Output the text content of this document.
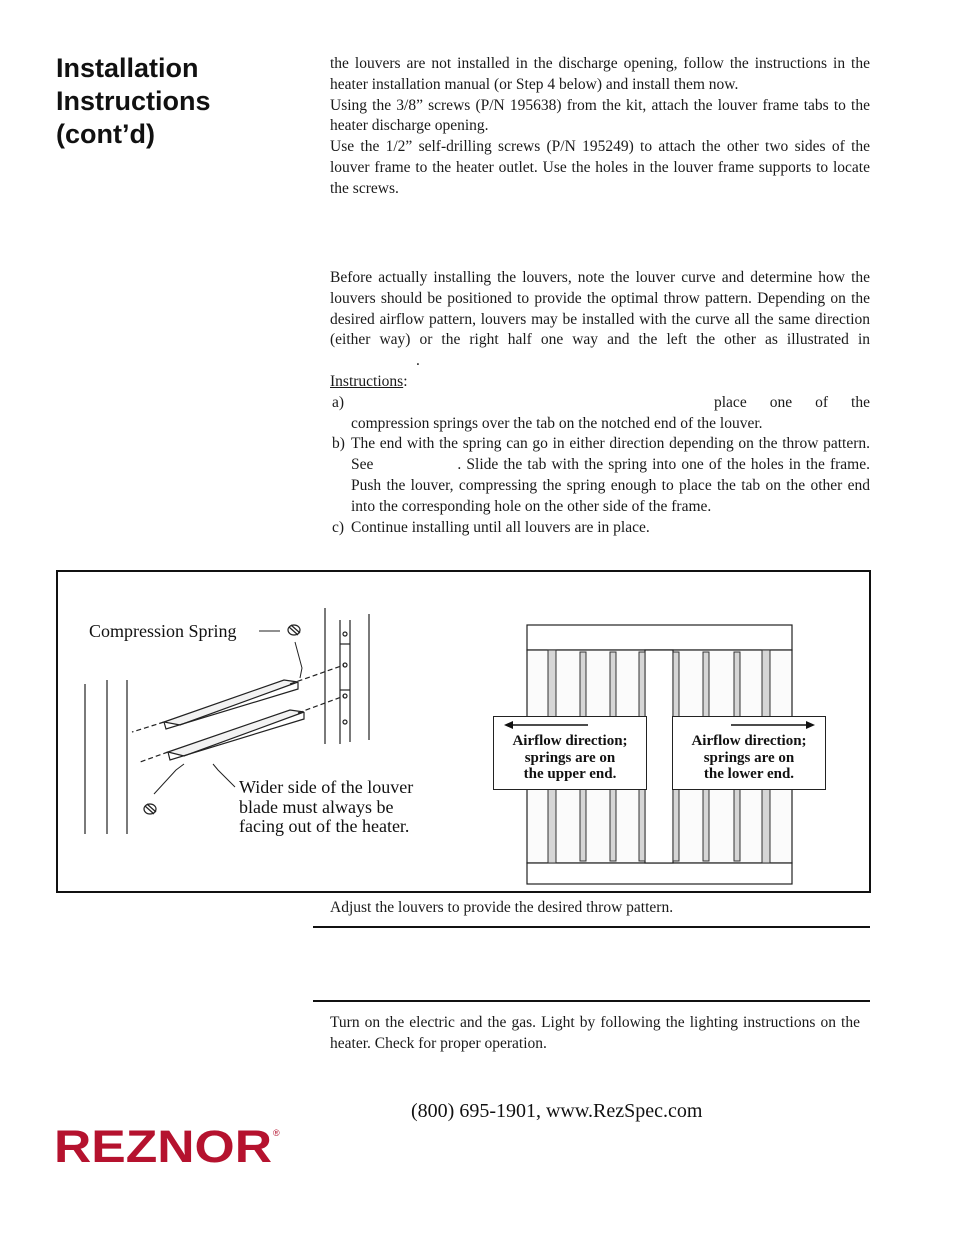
Installation
Instructions
(cont’d)

the louvers are not installed in the discharge opening, follow the instructions in the heater installation manual (or Step 4 below) and install them now.

Using the 3/8” screws (P/N 195638) from the kit, attach the louver frame tabs to the heater discharge opening.

Use the 1/2” self-drilling screws (P/N 195249) to attach the other two sides of the louver frame to the heater outlet. Use the holes in the louver frame supports to locate the screws.

Before actually installing the louvers, note the louver curve and determine how the louvers should be positioned to provide the optimal throw pattern. Depending on the desired airflow pattern, louvers may be installed with the curve all the same direction (either way) or the right half one way and the left the other as illustrated in.

Instructions:

a)	place one of the compression springs over the tab on the notched end of the louver.
b) The end with the spring can go in either direction depending on the throw pattern. See	. Slide the tab with the spring into one of the holes in the frame. Push the louver, compressing the spring enough to place the tab on the other end into the corresponding hole on the other side of the frame.
c) Continue installing until all louvers are in place.
Compression Spring
Wider side of the louver
blade must always be
facing out of the heater.
Airflow direction;
springs are on
the upper end.
Airflow direction;
springs are on
the lower end.
Adjust the louvers to provide the desired throw pattern.
Turn on the electric and the gas. Light by following the lighting instructions on the heater. Check for proper operation.
(800) 695-1901, www.RezSpec.com
REZNOR ®
